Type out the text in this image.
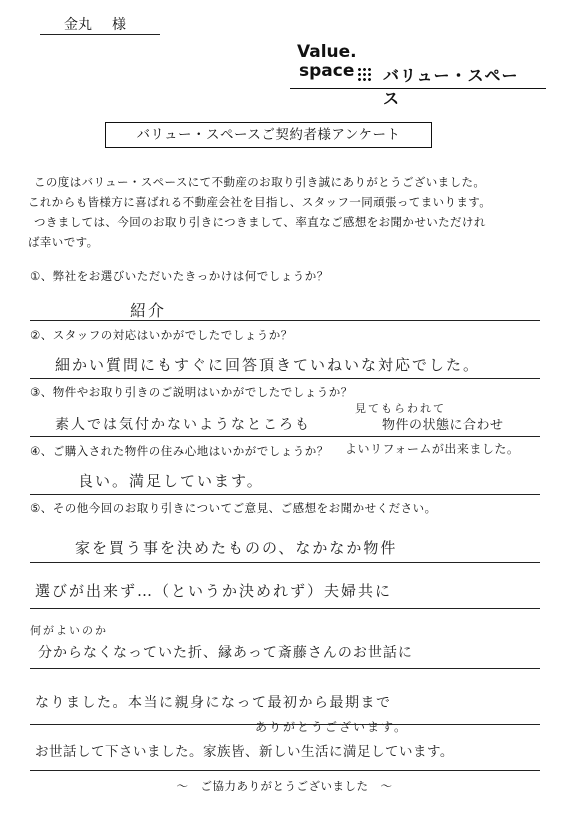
金丸 様
Value.
space バリュー・スペース
バリュー・スペースご契約者様アンケート
この度はバリュー・スペースにて不動産のお取り引き誠にありがとうございました。
これからも皆様方に喜ばれる不動産会社を目指し、スタッフ一同頑張ってまいります。
つきましては、今回のお取り引きにつきまして、率直なご感想をお聞かせいただけれ
ば幸いです。
①、弊社をお選びいただいたきっかけは何でしょうか？
紹介
②、スタッフの対応はいかがでしたでしょうか？
細かい質問にもすぐに回答頂きていねいな対応でした。
③、物件やお取り引きのご説明はいかがでしたでしょうか？
見てもらわれて
素人では気付かないようなところも	物件の状態に合わせ
④、ご購入された物件の住み心地はいかがでしょうか？ よいリフォームが出来ました。
良い。満足しています。
⑤、その他今回のお取り引きについてご意見、ご感想をお聞かせください。
家を買う事を決めたものの、なかなか物件
選びが出来ず…（というか決めれず）夫婦共に
何がよいのか
分からなくなっていた折、縁あって斎藤さんのお世話に
なりました。本当に親身になって最初から最期まで
ありがとうございます。
お世話して下さいました。家族皆、新しい生活に満足しています。
〜　ご協力ありがとうございました　〜
